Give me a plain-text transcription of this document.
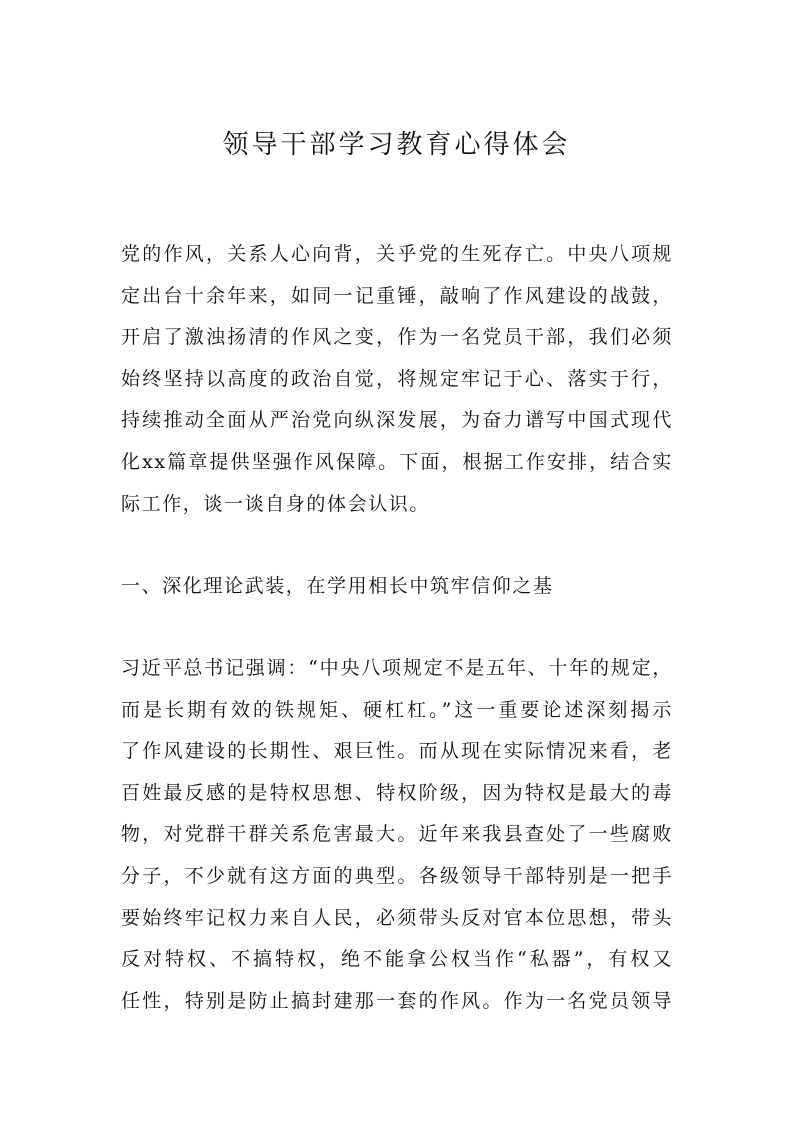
领导干部学习教育心得体会
党的作风，关系人心向背，关乎党的生死存亡。中央八项规
定出台十余年来，如同一记重锤，敲响了作风建设的战鼓，
开启了激浊扬清的作风之变，作为一名党员干部，我们必须
始终坚持以高度的政治自觉，将规定牢记于心、落实于行，
持续推动全面从严治党向纵深发展，为奋力谱写中国式现代
化xx篇章提供坚强作风保障。下面，根据工作安排，结合实
际工作，谈一谈自身的体会认识。
一、深化理论武装，在学用相长中筑牢信仰之基
习近平总书记强调：“中央八项规定不是五年、十年的规定，
而是长期有效的铁规矩、硬杠杠。”这一重要论述深刻揭示
了作风建设的长期性、艰巨性。而从现在实际情况来看，老
百姓最反感的是特权思想、特权阶级，因为特权是最大的毒
物，对党群干群关系危害最大。近年来我县查处了一些腐败
分子，不少就有这方面的典型。各级领导干部特别是一把手
要始终牢记权力来自人民，必须带头反对官本位思想，带头
反对特权、不搞特权，绝不能拿公权当作“私器”，有权又
任性，特别是防止搞封建那一套的作风。作为一名党员领导
